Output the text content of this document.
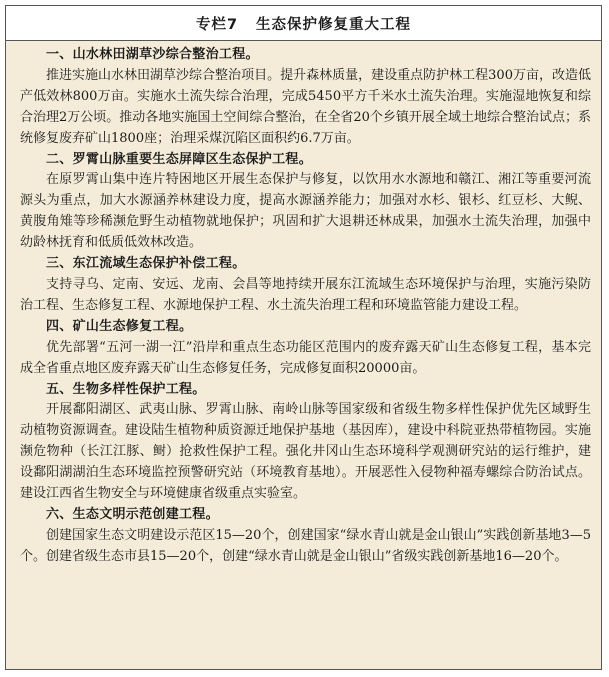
专栏7 生态保护修复重大工程
一、山水林田湖草沙综合整治工程。

推进实施山水林田湖草沙综合整治项目。提升森林质量，建设重点防护林工程300万亩，改造低产低效林800万亩。实施水土流失综合治理，完成5450平方千米水土流失治理。实施湿地恢复和综合治理2万公顷。推动各地实施国土空间综合整治，在全省20个乡镇开展全域土地综合整治试点；系统修复废弃矿山1800座；治理采煤沉陷区面积约6.7万亩。

二、罗霄山脉重要生态屏障区生态保护工程。

在原罗霄山集中连片特困地区开展生态保护与修复，以饮用水水源地和赣江、湘江等重要河流源头为重点，加大水源涵养林建设力度，提高水源涵养能力；加强对水杉、银杉、红豆杉、大鲵、黄腹角雉等珍稀濒危野生动植物就地保护；巩固和扩大退耕还林成果，加强水土流失治理，加强中幼龄林抚育和低质低效林改造。

三、东江流域生态保护补偿工程。

支持寻乌、定南、安远、龙南、会昌等地持续开展东江流域生态环境保护与治理，实施污染防治工程、生态修复工程、水源地保护工程、水土流失治理工程和环境监管能力建设工程。

四、矿山生态修复工程。

优先部署“五河一湖一江”沿岸和重点生态功能区范围内的废弃露天矿山生态修复工程，基本完成全省重点地区废弃露天矿山生态修复任务，完成修复面积20000亩。

五、生物多样性保护工程。

开展鄱阳湖区、武夷山脉、罗霄山脉、南岭山脉等国家级和省级生物多样性保护优先区域野生动植物资源调查。建设陆生植物种质资源迁地保护基地（基因库），建设中科院亚热带植物园。实施濒危物种（长江江豚、鲥）抢救性保护工程。强化井冈山生态环境科学观测研究站的运行维护，建设鄱阳湖湖泊生态环境监控预警研究站（环境教育基地）。开展恶性入侵物种福寿螺综合防治试点。建设江西省生物安全与环境健康省级重点实验室。

六、生态文明示范创建工程。

创建国家生态文明建设示范区15—20个，创建国家“绿水青山就是金山银山”实践创新基地3—5个。创建省级生态市县15—20个，创建“绿水青山就是金山银山”省级实践创新基地16—20个。
